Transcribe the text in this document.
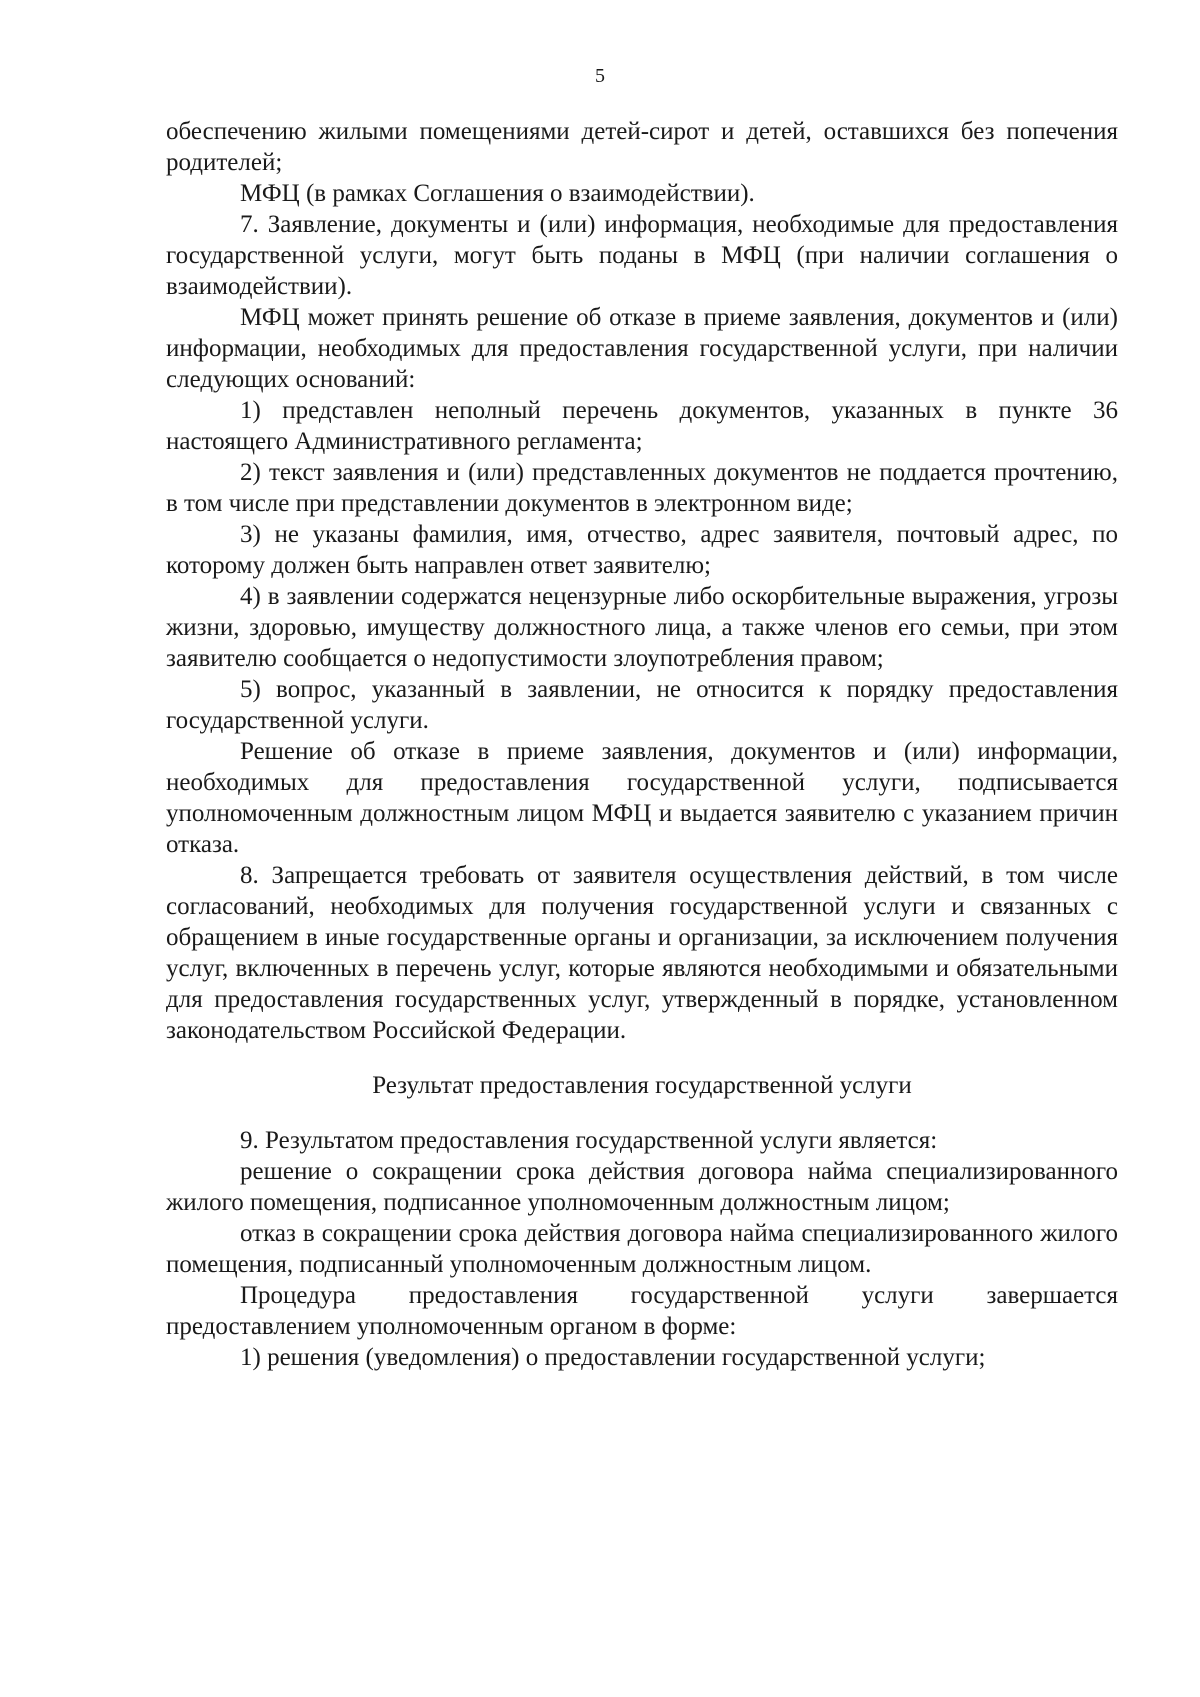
5

обеспечению жилыми помещениями детей-сирот и детей, оставшихся без попечения родителей;

МФЦ (в рамках Соглашения о взаимодействии).

7. Заявление, документы и (или) информация, необходимые для предоставления государственной услуги, могут быть поданы в МФЦ (при наличии соглашения о взаимодействии).

МФЦ может принять решение об отказе в приеме заявления, документов и (или) информации, необходимых для предоставления государственной услуги, при наличии следующих оснований:

1) представлен неполный перечень документов, указанных в пункте 36 настоящего Административного регламента;

2) текст заявления и (или) представленных документов не поддается прочтению, в том числе при представлении документов в электронном виде;

3) не указаны фамилия, имя, отчество, адрес заявителя, почтовый адрес, по которому должен быть направлен ответ заявителю;

4) в заявлении содержатся нецензурные либо оскорбительные выражения, угрозы жизни, здоровью, имуществу должностного лица, а также членов его семьи, при этом заявителю сообщается о недопустимости злоупотребления правом;

5) вопрос, указанный в заявлении, не относится к порядку предоставления государственной услуги.

Решение об отказе в приеме заявления, документов и (или) информации, необходимых для предоставления государственной услуги, подписывается уполномоченным должностным лицом МФЦ и выдается заявителю с указанием причин отказа.

8. Запрещается требовать от заявителя осуществления действий, в том числе согласований, необходимых для получения государственной услуги и связанных с обращением в иные государственные органы и организации, за исключением получения услуг, включенных в перечень услуг, которые являются необходимыми и обязательными для предоставления государственных услуг, утвержденный в порядке, установленном законодательством Российской Федерации.

Результат предоставления государственной услуги

9. Результатом предоставления государственной услуги является:

решение о сокращении срока действия договора найма специализированного жилого помещения, подписанное уполномоченным должностным лицом;

отказ в сокращении срока действия договора найма специализированного жилого помещения, подписанный уполномоченным должностным лицом.

Процедура предоставления государственной услуги завершается предоставлением уполномоченным органом в форме:

1) решения (уведомления) о предоставлении государственной услуги;
